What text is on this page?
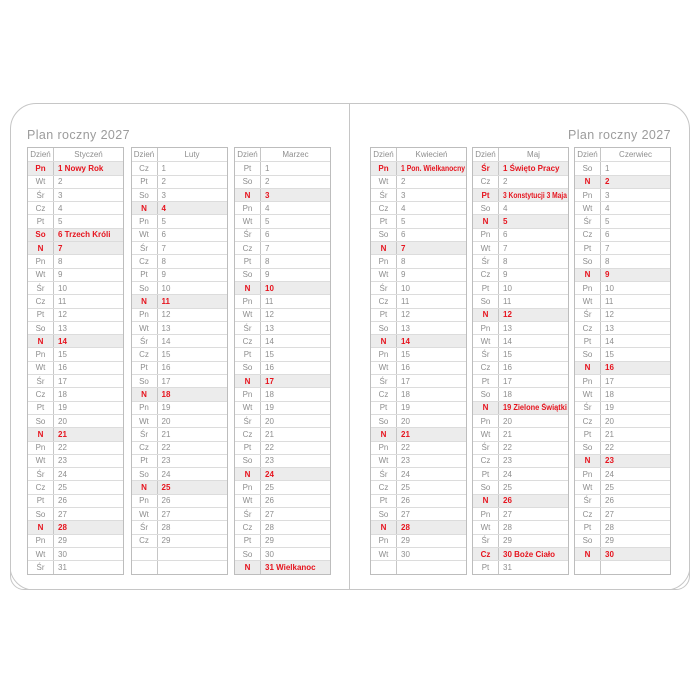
Plan roczny 2027
Dzień	Styczeń
Pn 1 Nowy Rok
Wt 2
Śr 3
Cz 4
Pt 5
So 6 Trzech Króli
N 7
Pn 8
Wt 9
Śr 10
Cz 11
Pt 12
So 13
N 14
Pn 15
Wt 16
Śr 17
Cz 18
Pt 19
So 20
N 21
Pn 22
Wt 23
Śr 24
Cz 25
Pt 26
So 27
N 28
Pn 29
Wt 30
Śr 31
Dzień	Luty
Cz 1
Pt 2
So 3
N 4
Pn 5
Wt 6
Śr 7
Cz 8
Pt 9
So 10
N 11
Pn 12
Wt 13
Śr 14
Cz 15
Pt 16
So 17
N 18
Pn 19
Wt 20
Śr 21
Cz 22
Pt 23
So 24
N 25
Pn 26
Wt 27
Śr 28
Cz 29
Dzień	Marzec
Pt 1
So 2
N 3
Pn 4
Wt 5
Śr 6
Cz 7
Pt 8
So 9
N 10
Pn 11
Wt 12
Śr 13
Cz 14
Pt 15
So 16
N 17
Pn 18
Wt 19
Śr 20
Cz 21
Pt 22
So 23
N 24
Pn 25
Wt 26
Śr 27
Cz 28
Pt 29
So 30
N 31 Wielkanoc
Plan roczny 2027
Dzień	Kwiecień
Pn 1 Pon. Wielkanocny
Wt 2
Śr 3
Cz 4
Pt 5
So 6
N 7
Pn 8
Wt 9
Śr 10
Cz 11
Pt 12
So 13
N 14
Pn 15
Wt 16
Śr 17
Cz 18
Pt 19
So 20
N 21
Pn 22
Wt 23
Śr 24
Cz 25
Pt 26
So 27
N 28
Pn 29
Wt 30
Dzień	Maj
Śr 1 Święto Pracy
Cz 2
Pt 3 Konstytucji 3 Maja
So 4
N 5
Pn 6
Wt 7
Śr 8
Cz 9
Pt 10
So 11
N 12
Pn 13
Wt 14
Śr 15
Cz 16
Pt 17
So 18
N 19 Zielone Świątki
Pn 20
Wt 21
Śr 22
Cz 23
Pt 24
So 25
N 26
Pn 27
Wt 28
Śr 29
Cz 30 Boże Ciało
Pt 31
Dzień	Czerwiec
So 1
N 2
Pn 3
Wt 4
Śr 5
Cz 6
Pt 7
So 8
N 9
Pn 10
Wt 11
Śr 12
Cz 13
Pt 14
So 15
N 16
Pn 17
Wt 18
Śr 19
Cz 20
Pt 21
So 22
N 23
Pn 24
Wt 25
Śr 26
Cz 27
Pt 28
So 29
N 30
